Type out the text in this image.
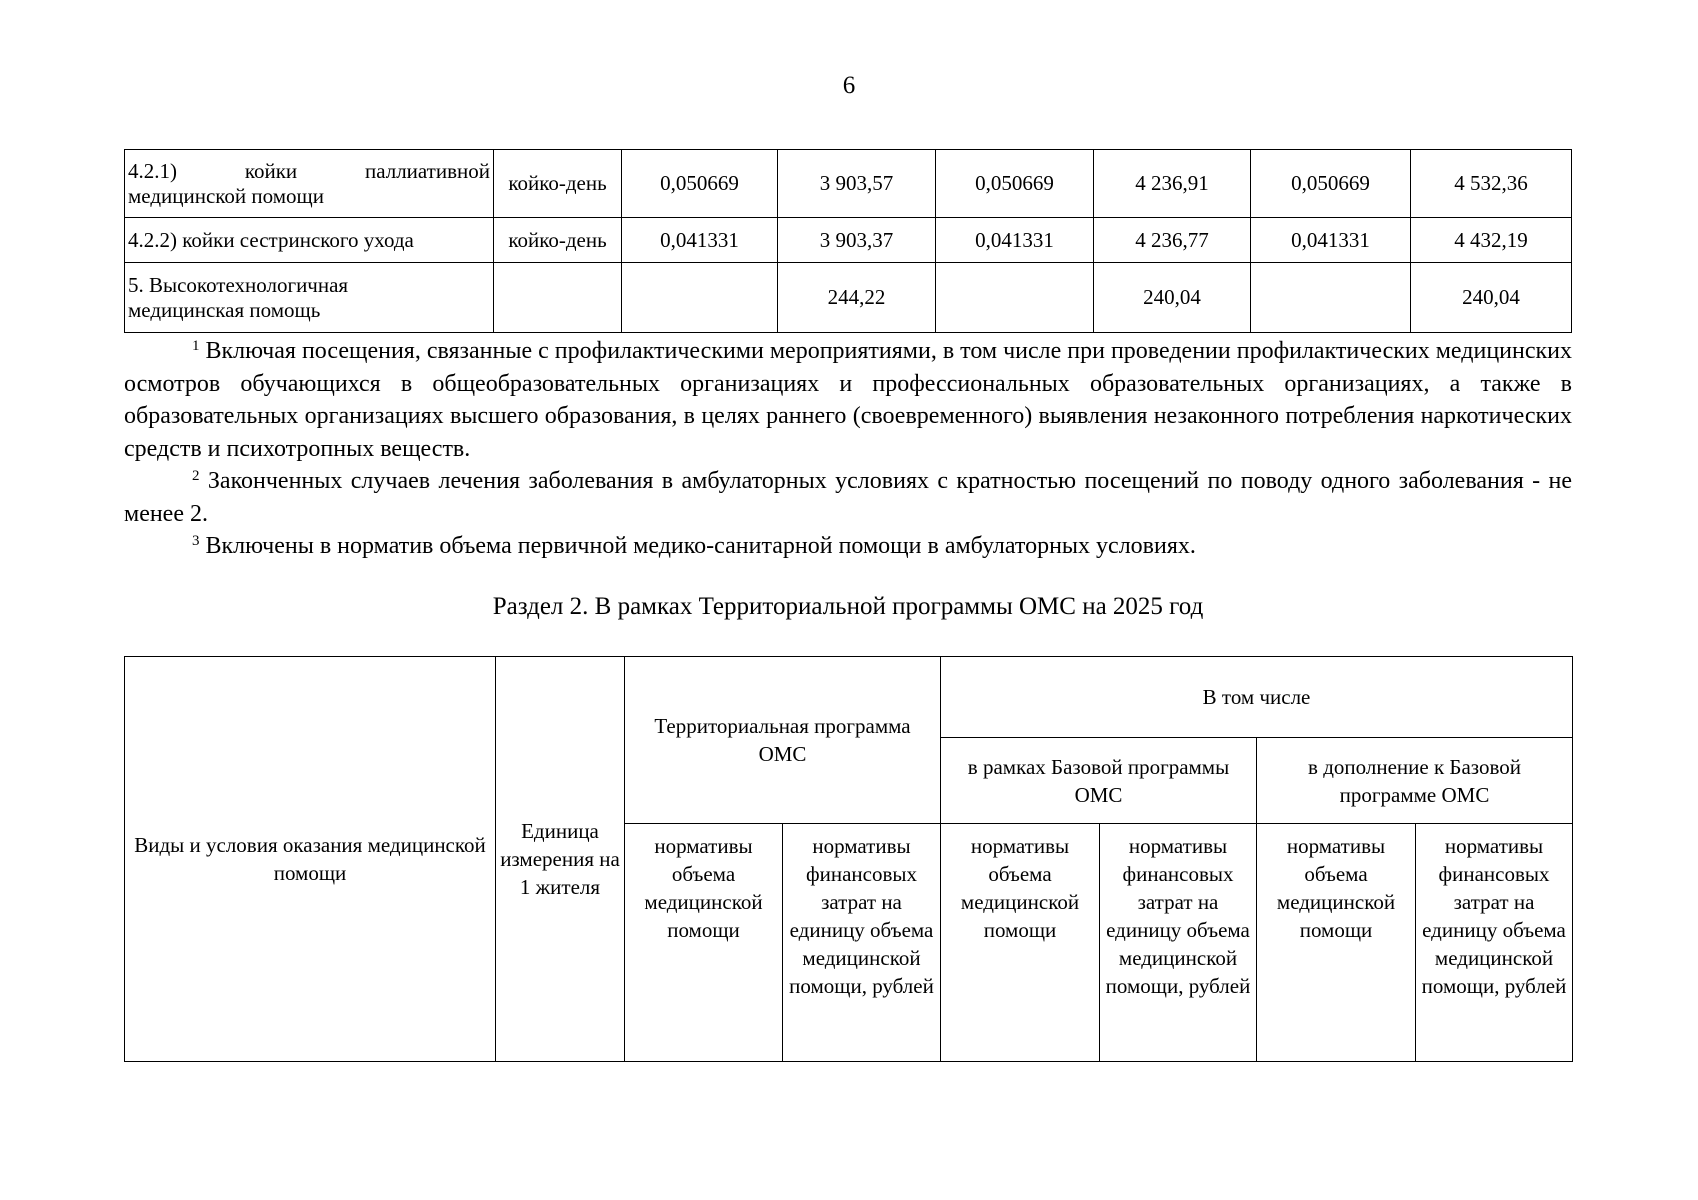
6
4.2.1) койки паллиативной
медицинской помощи	койко-день	0,050669	3 903,57	0,050669	4 236,91	0,050669	4 532,36
4.2.2) койки сестринского ухода	койко-день	0,041331	3 903,37	0,041331	4 236,77	0,041331	4 432,19
5. Высокотехнологичная
медицинская помощь			244,22		240,04		240,04

$^1$ Включая посещения, связанные с профилактическими мероприятиями, в том числе при проведении профилактических медицинских осмотров обучающихся в общеобразовательных организациях и профессиональных образовательных организациях, а также в образовательных организациях высшего образования, в целях раннего (своевременного) выявления незаконного потребления наркотических средств и психотропных веществ.

$^2$ Законченных случаев лечения заболевания в амбулаторных условиях с кратностью посещений по поводу одного заболевания - не менее 2.

$^3$ Включены в норматив объема первичной медико-санитарной помощи в амбулаторных условиях.

Раздел 2. В рамках Территориальной программы ОМС на 2025 год
Виды и условия оказания медицинской помощи	Единица измерения на 1 жителя	Территориальная программа ОМС		В том числе			
				в рамках Базовой программы ОМС		в дополнение к Базовой программе ОМС	
		нормативы объема медицинской помощи	нормативы финансовых затрат на единицу объема медицинской помощи, рублей	нормативы объема медицинской помощи	нормативы финансовых затрат на единицу объема медицинской помощи, рублей	нормативы объема медицинской помощи	нормативы финансовых затрат на единицу объема медицинской помощи, рублей
